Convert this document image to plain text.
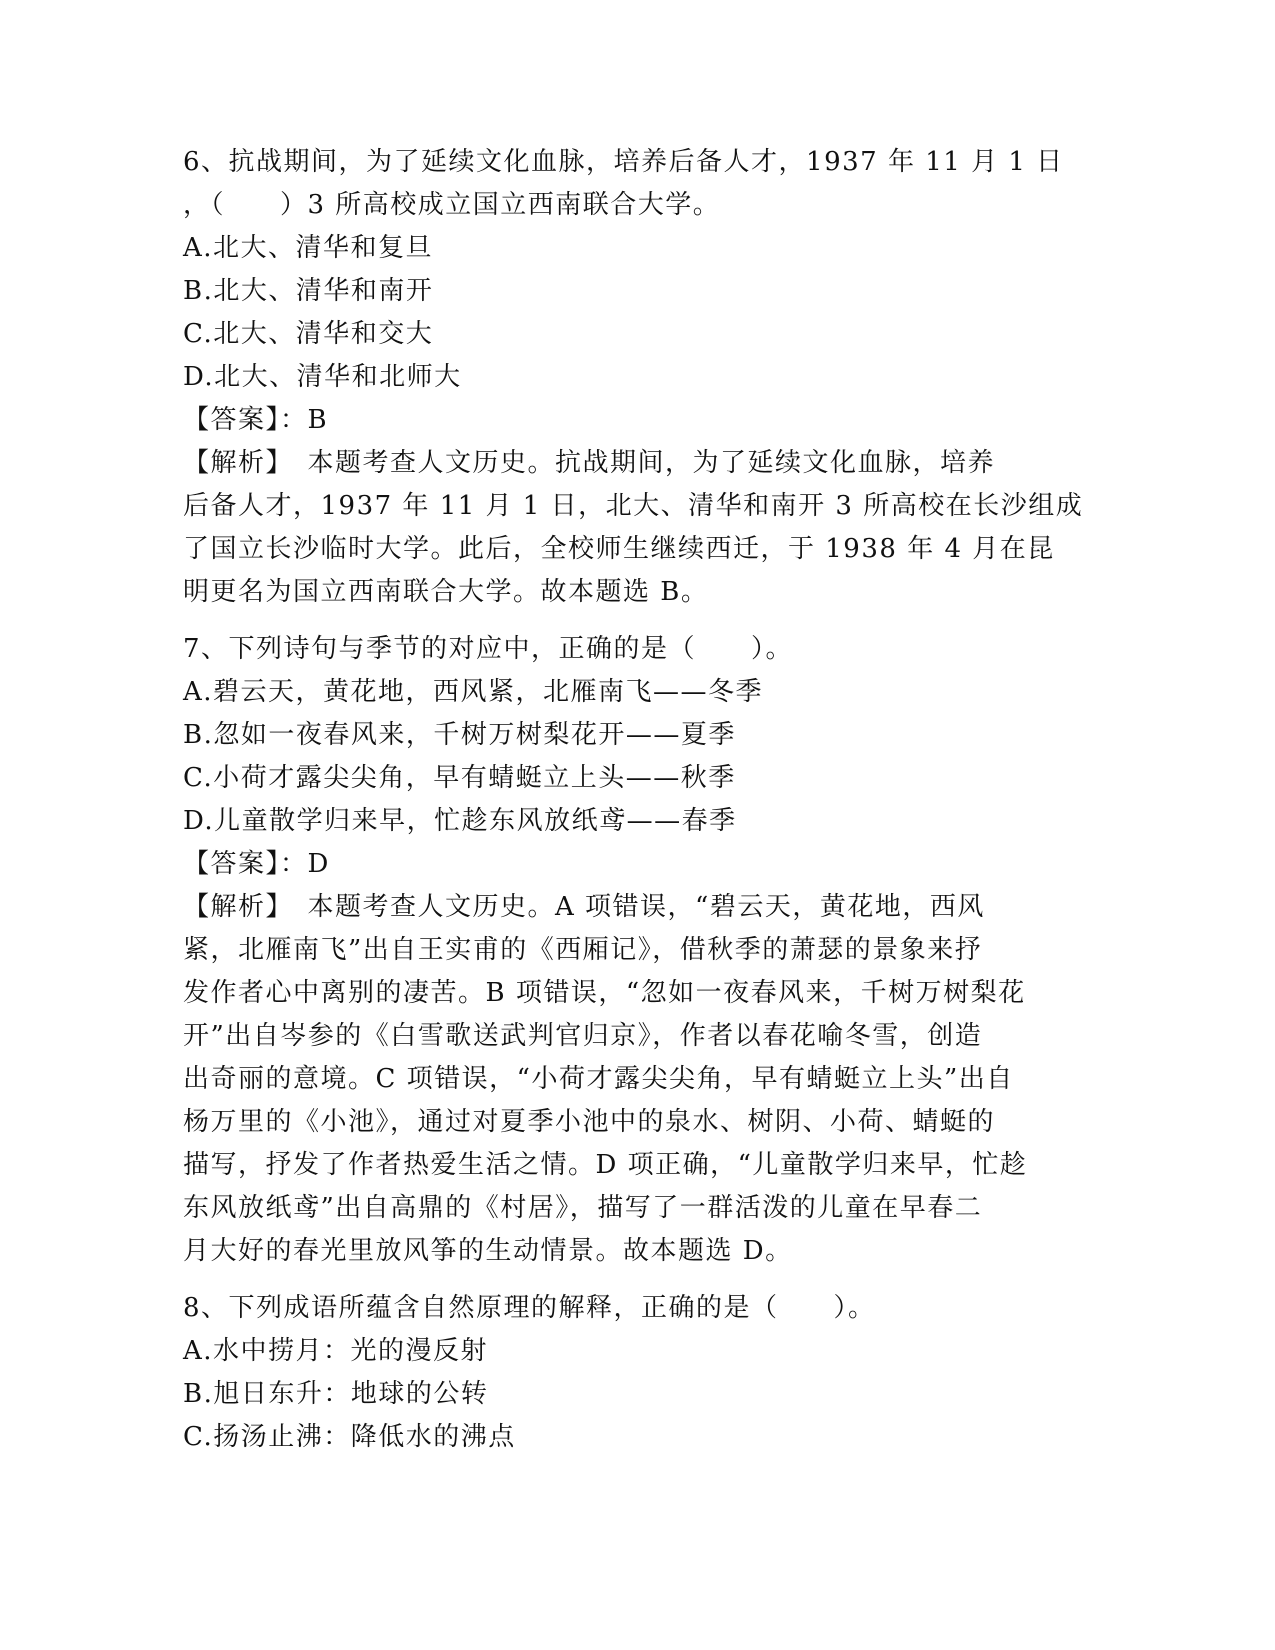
6、抗战期间，为了延续文化血脉，培养后备人才，1937 年 11 月 1 日
，（　　）3 所高校成立国立西南联合大学。
A.北大、清华和复旦
B.北大、清华和南开
C.北大、清华和交大
D.北大、清华和北师大
【答案】：B
【解析】　本题考查人文历史。抗战期间，为了延续文化血脉，培养
后备人才，1937 年 11 月 1 日，北大、清华和南开 3 所高校在长沙组成
了国立长沙临时大学。此后，全校师生继续西迁，于 1938 年 4 月在昆
明更名为国立西南联合大学。故本题选 B。
7、下列诗句与季节的对应中，正确的是（　　）。
A.碧云天，黄花地，西风紧，北雁南飞——冬季
B.忽如一夜春风来，千树万树梨花开——夏季
C.小荷才露尖尖角，早有蜻蜓立上头——秋季
D.儿童散学归来早，忙趁东风放纸鸢——春季
【答案】：D
【解析】　本题考查人文历史。A 项错误，“碧云天，黄花地，西风
紧，北雁南飞”出自王实甫的《西厢记》，借秋季的萧瑟的景象来抒
发作者心中离别的凄苦。B 项错误，“忽如一夜春风来，千树万树梨花
开”出自岑参的《白雪歌送武判官归京》，作者以春花喻冬雪，创造
出奇丽的意境。C 项错误，“小荷才露尖尖角，早有蜻蜓立上头”出自
杨万里的《小池》，通过对夏季小池中的泉水、树阴、小荷、蜻蜓的
描写，抒发了作者热爱生活之情。D 项正确，“儿童散学归来早，忙趁
东风放纸鸢”出自高鼎的《村居》，描写了一群活泼的儿童在早春二
月大好的春光里放风筝的生动情景。故本题选 D。
8、下列成语所蕴含自然原理的解释，正确的是（　　）。
A.水中捞月：光的漫反射
B.旭日东升：地球的公转
C.扬汤止沸：降低水的沸点
